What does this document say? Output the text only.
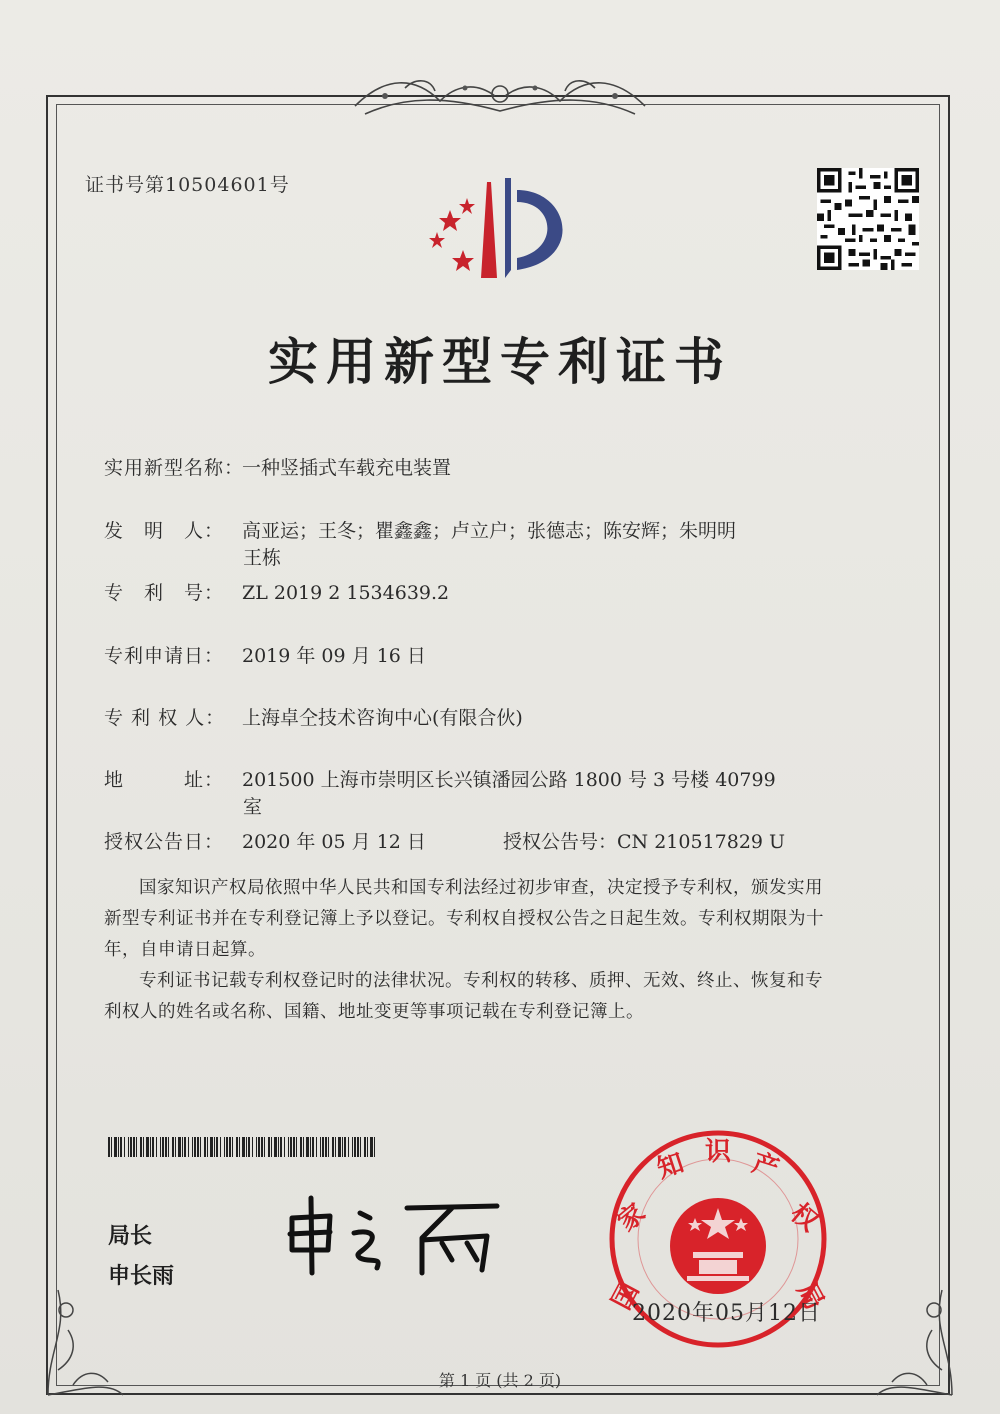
证书号第10504601号
实用新型专利证书
实用新型名称：一种竖插式车载充电装置
发　明　人： 高亚运；王冬；瞿鑫鑫；卢立户；张德志；陈安辉；朱明明
王栋
专　利　号： ZL 2019 2 1534639.2
专利申请日： 2019 年 09 月 16 日
专 利 权 人： 上海卓仝技术咨询中心(有限合伙)
地　　　址： 201500 上海市崇明区长兴镇潘园公路 1800 号 3 号楼 40799
室
授权公告日： 2020 年 05 月 12 日	授权公告号：CN 210517829 U

国家知识产权局依照中华人民共和国专利法经过初步审查，决定授予专利权，颁发实用

新型专利证书并在专利登记簿上予以登记。专利权自授权公告之日起生效。专利权期限为十

年，自申请日起算。

专利证书记载专利权登记时的法律状况。专利权的转移、质押、无效、终止、恢复和专

利权人的姓名或名称、国籍、地址变更等事项记载在专利登记簿上。

局长
申长雨
国
家
知 识 产
权
局
2020年05月12日
第 1 页 (共 2 页)
